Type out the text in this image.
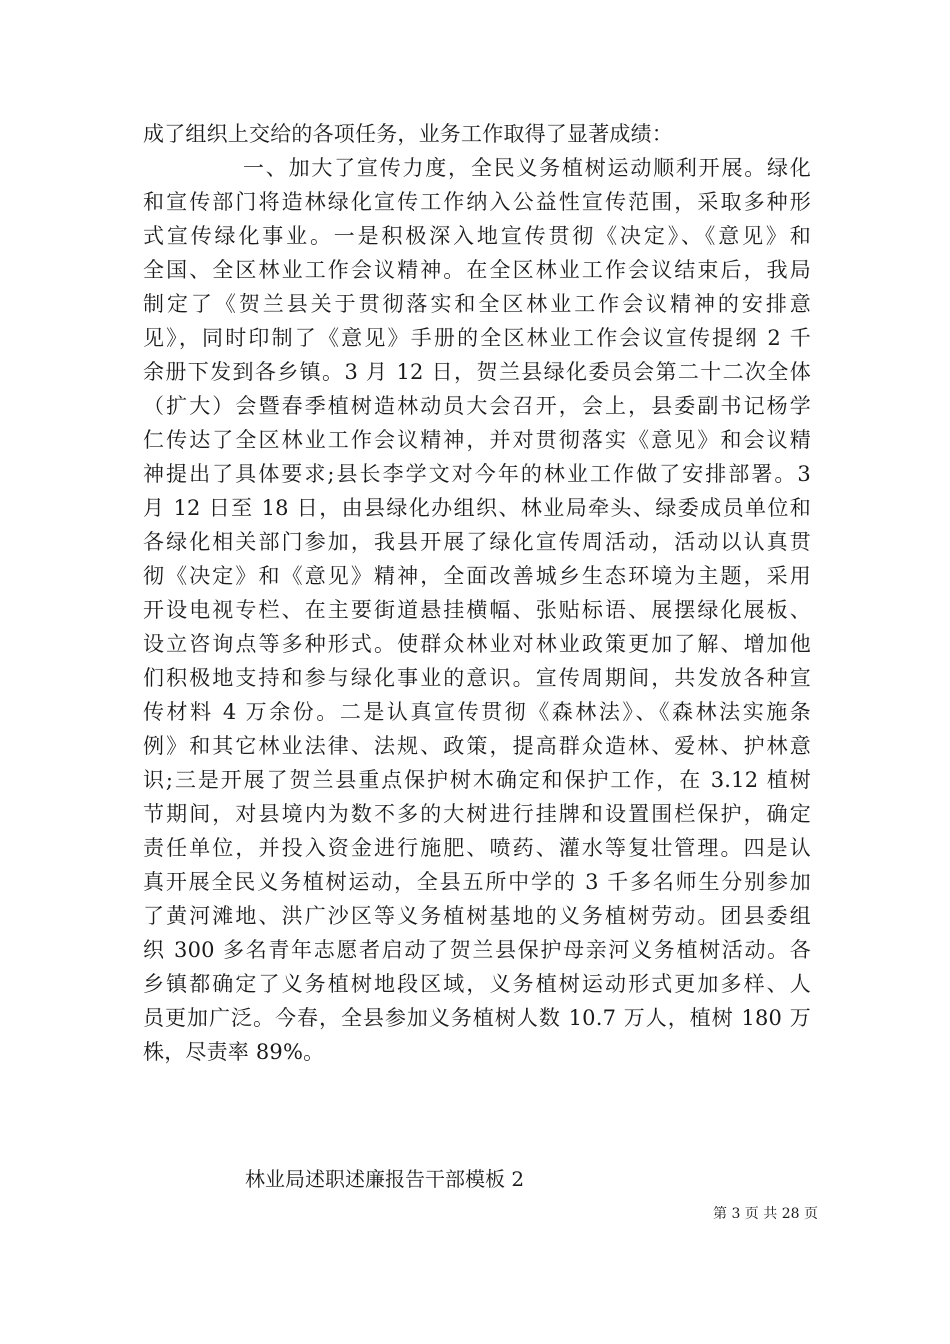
成了组织上交给的各项任务，业务工作取得了显著成绩：
一、加大了宣传力度，全民义务植树运动顺利开展。绿化
和宣传部门将造林绿化宣传工作纳入公益性宣传范围，采取多种形
式宣传绿化事业。一是积极深入地宣传贯彻《决定》、《意见》和
全国、全区林业工作会议精神。在全区林业工作会议结束后，我局
制定了《贺兰县关于贯彻落实和全区林业工作会议精神的安排意
见》，同时印制了《意见》手册的全区林业工作会议宣传提纲 2 千
余册下发到各乡镇。3 月 12 日，贺兰县绿化委员会第二十二次全体
（扩大）会暨春季植树造林动员大会召开，会上，县委副书记杨学
仁传达了全区林业工作会议精神，并对贯彻落实《意见》和会议精
神提出了具体要求;县长李学文对今年的林业工作做了安排部署。3
月 12 日至 18 日，由县绿化办组织、林业局牵头、绿委成员单位和
各绿化相关部门参加，我县开展了绿化宣传周活动，活动以认真贯
彻《决定》和《意见》精神，全面改善城乡生态环境为主题，采用
开设电视专栏、在主要街道悬挂横幅、张贴标语、展摆绿化展板、
设立咨询点等多种形式。使群众林业对林业政策更加了解、增加他
们积极地支持和参与绿化事业的意识。宣传周期间，共发放各种宣
传材料 4 万余份。二是认真宣传贯彻《森林法》、《森林法实施条
例》和其它林业法律、法规、政策，提高群众造林、爱林、护林意
识;三是开展了贺兰县重点保护树木确定和保护工作，在 3.12 植树
节期间，对县境内为数不多的大树进行挂牌和设置围栏保护，确定
责任单位，并投入资金进行施肥、喷药、灌水等复壮管理。四是认
真开展全民义务植树运动，全县五所中学的 3 千多名师生分别参加
了黄河滩地、洪广沙区等义务植树基地的义务植树劳动。团县委组
织 300 多名青年志愿者启动了贺兰县保护母亲河义务植树活动。各
乡镇都确定了义务植树地段区域，义务植树运动形式更加多样、人
员更加广泛。今春，全县参加义务植树人数 10.7 万人，植树 180 万
株，尽责率 89%。
林业局述职述廉报告干部模板 2
第 3 页 共 28 页
